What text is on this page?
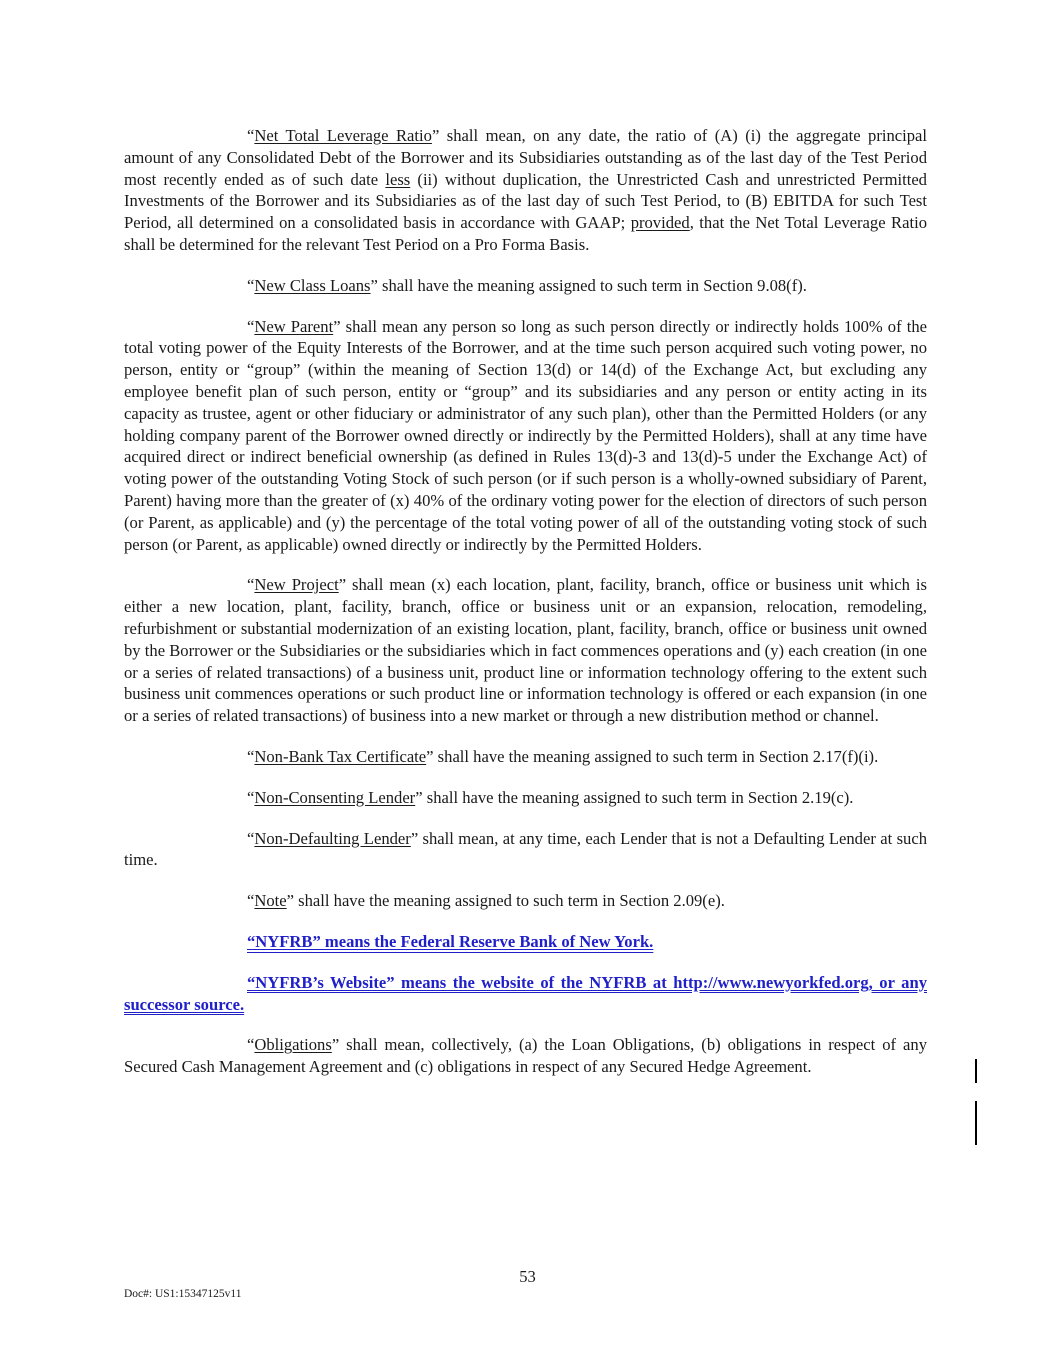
“Net Total Leverage Ratio” shall mean, on any date, the ratio of (A) (i) the aggregate principal amount of any Consolidated Debt of the Borrower and its Subsidiaries outstanding as of the last day of the Test Period most recently ended as of such date less (ii) without duplication, the Unrestricted Cash and unrestricted Permitted Investments of the Borrower and its Subsidiaries as of the last day of such Test Period, to (B) EBITDA for such Test Period, all determined on a consolidated basis in accordance with GAAP; provided, that the Net Total Leverage Ratio shall be determined for the relevant Test Period on a Pro Forma Basis.

“New Class Loans” shall have the meaning assigned to such term in Section 9.08(f).

“New Parent” shall mean any person so long as such person directly or indirectly holds 100% of the total voting power of the Equity Interests of the Borrower, and at the time such person acquired such voting power, no person, entity or “group” (within the meaning of Section 13(d) or 14(d) of the Exchange Act, but excluding any employee benefit plan of such person, entity or “group” and its subsidiaries and any person or entity acting in its capacity as trustee, agent or other fiduciary or administrator of any such plan), other than the Permitted Holders (or any holding company parent of the Borrower owned directly or indirectly by the Permitted Holders), shall at any time have acquired direct or indirect beneficial ownership (as defined in Rules 13(d)-3 and 13(d)-5 under the Exchange Act) of voting power of the outstanding Voting Stock of such person (or if such person is a wholly-owned subsidiary of Parent, Parent) having more than the greater of (x) 40% of the ordinary voting power for the election of directors of such person (or Parent, as applicable) and (y) the percentage of the total voting power of all of the outstanding voting stock of such person (or Parent, as applicable) owned directly or indirectly by the Permitted Holders.

“New Project” shall mean (x) each location, plant, facility, branch, office or business unit which is either a new location, plant, facility, branch, office or business unit or an expansion, relocation, remodeling, refurbishment or substantial modernization of an existing location, plant, facility, branch, office or business unit owned by the Borrower or the Subsidiaries or the subsidiaries which in fact commences operations and (y) each creation (in one or a series of related transactions) of a business unit, product line or information technology offering to the extent such business unit commences operations or such product line or information technology is offered or each expansion (in one or a series of related transactions) of business into a new market or through a new distribution method or channel.

“Non-Bank Tax Certificate” shall have the meaning assigned to such term in Section 2.17(f)(i).

“Non-Consenting Lender” shall have the meaning assigned to such term in Section 2.19(c).

“Non-Defaulting Lender” shall mean, at any time, each Lender that is not a Defaulting Lender at such time.

“Note” shall have the meaning assigned to such term in Section 2.09(e).

“NYFRB” means the Federal Reserve Bank of New York.

“NYFRB’s Website” means the website of the NYFRB at http://www.newyorkfed.org, or any successor source.

“Obligations” shall mean, collectively, (a) the Loan Obligations, (b) obligations in respect of any Secured Cash Management Agreement and (c) obligations in respect of any Secured Hedge Agreement.

53
Doc#: US1:15347125v11
